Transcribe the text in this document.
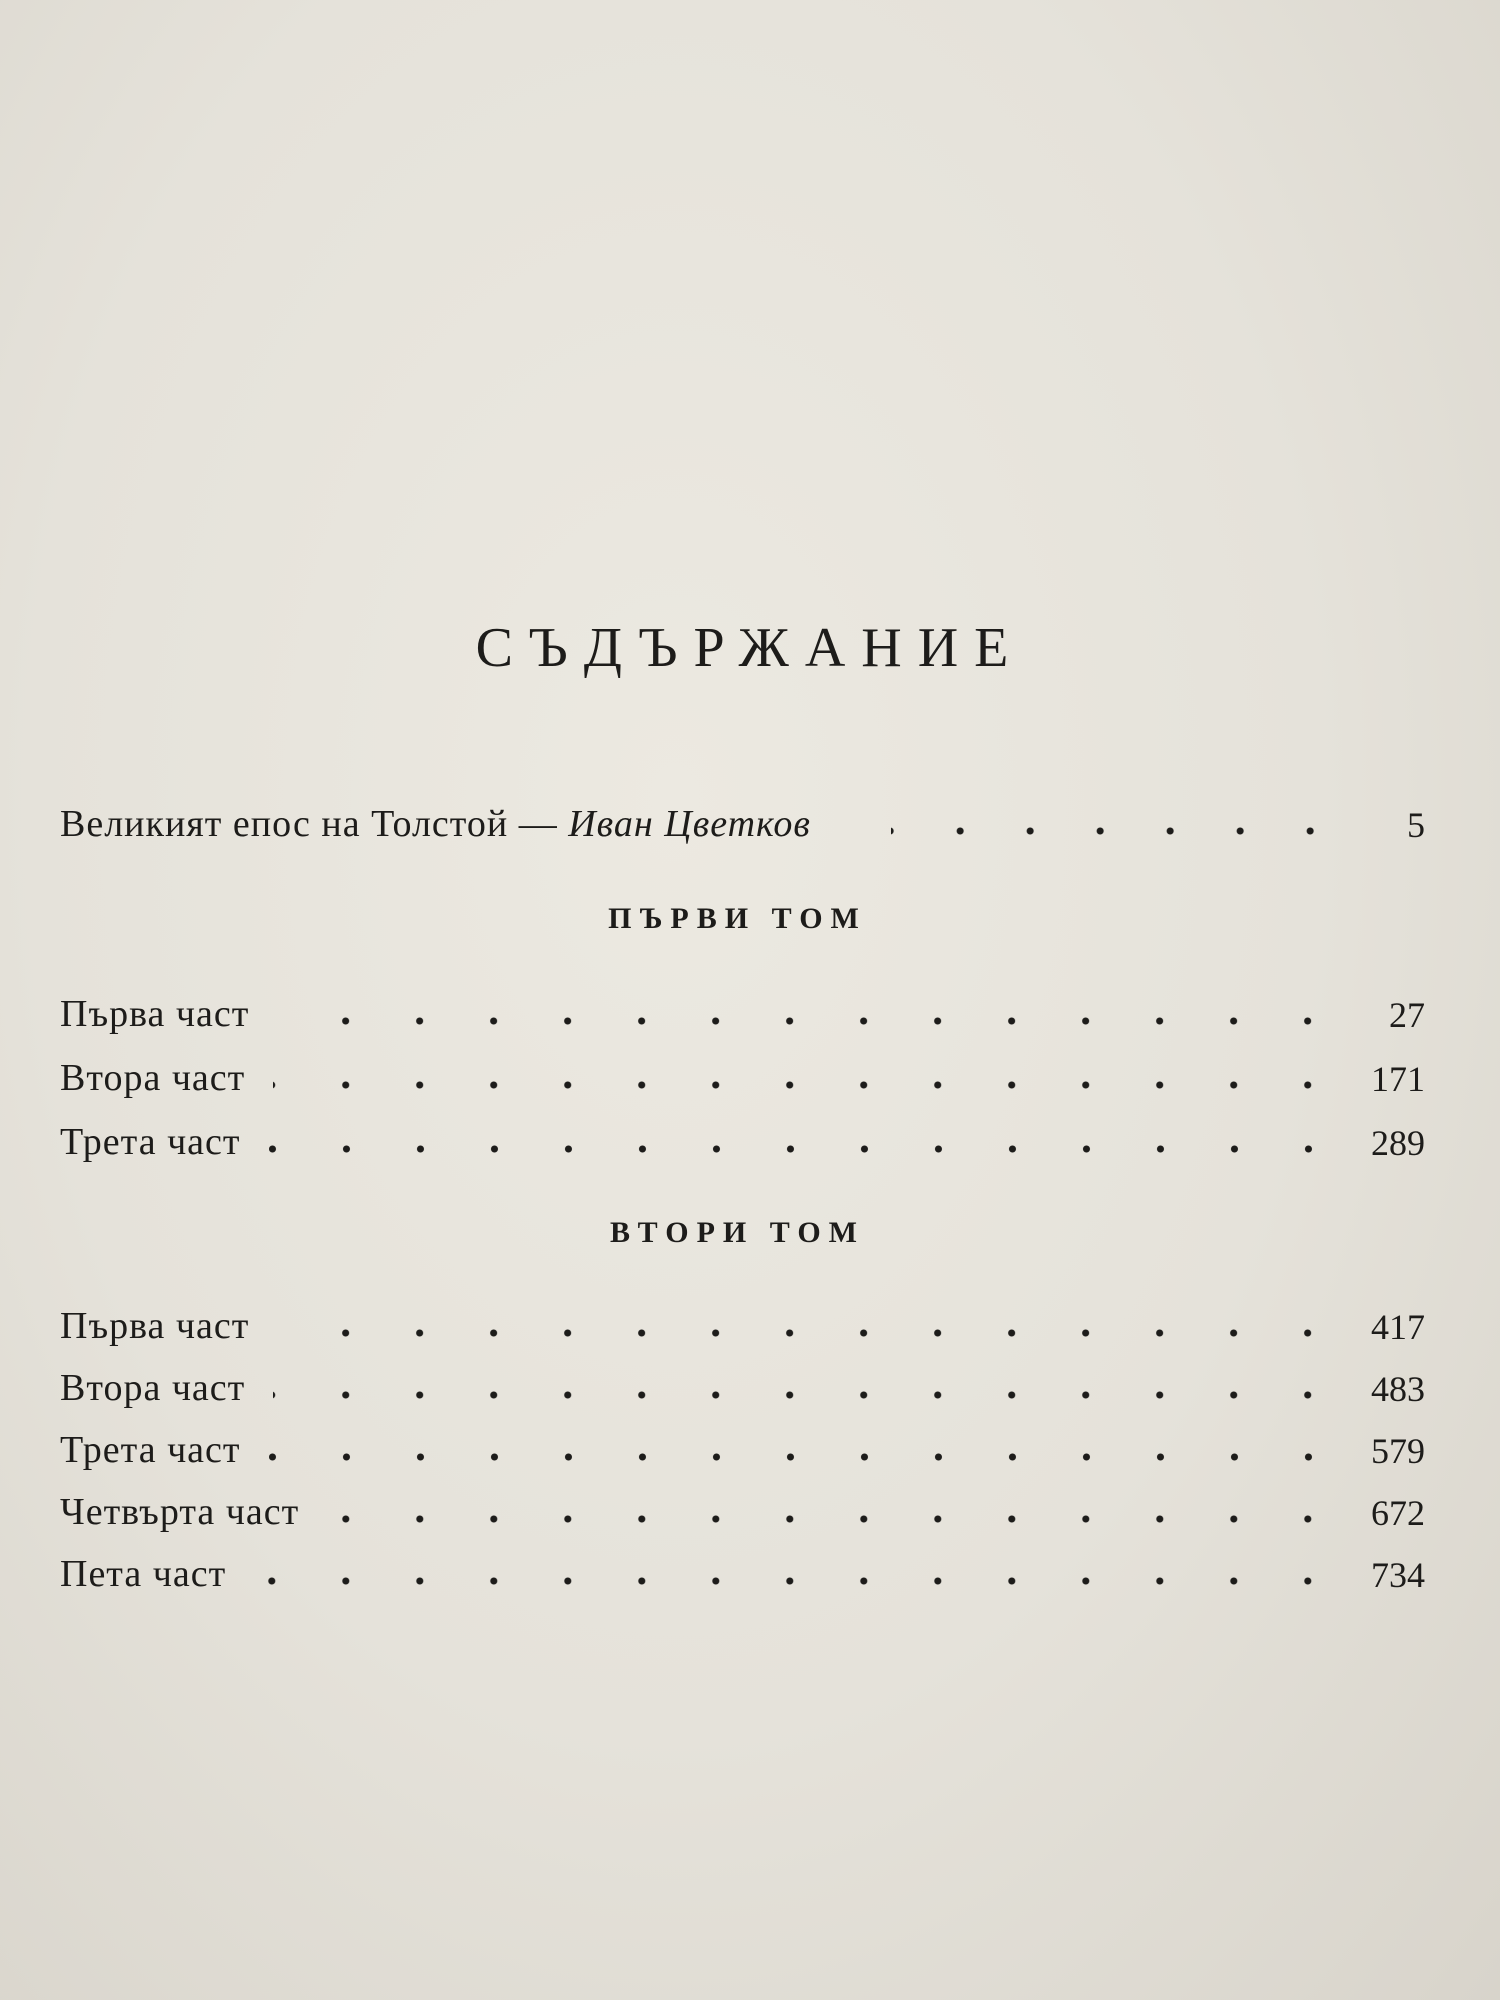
СЪДЪРЖАНИЕ
Великият епос на Толстой — Иван Цветков	5
ПЪРВИ ТОМ
Първа част	27
Втора част	171
Трета част	289
ВТОРИ ТОМ
Първа част	417
Втора част	483
Трета част	579
Четвърта част	672
Пета част	734
